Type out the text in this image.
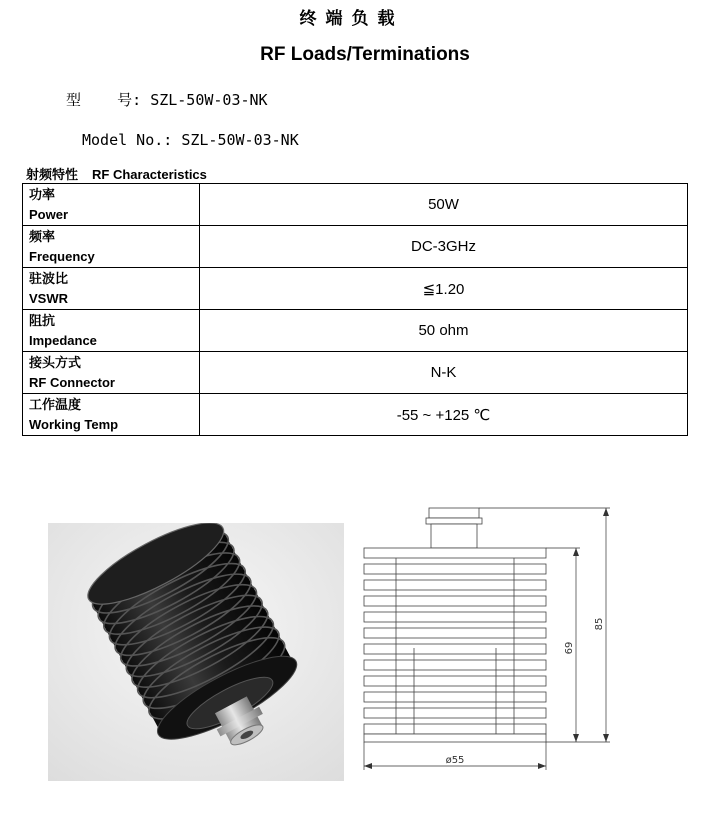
终端负载
RF Loads/Terminations
型    号: SZL-50W-03-NK
Model No.: SZL-50W-03-NK
射频特性 RF Characteristics
功率
Power	50W

频率
Frequency	DC-3GHz

驻波比
VSWR	≦1.20

阻抗
Impedance	50 ohm

接头方式
RF Connector	N-K

工作温度
Working Temp	-55 ~ +125 ℃
69
85
ø55
